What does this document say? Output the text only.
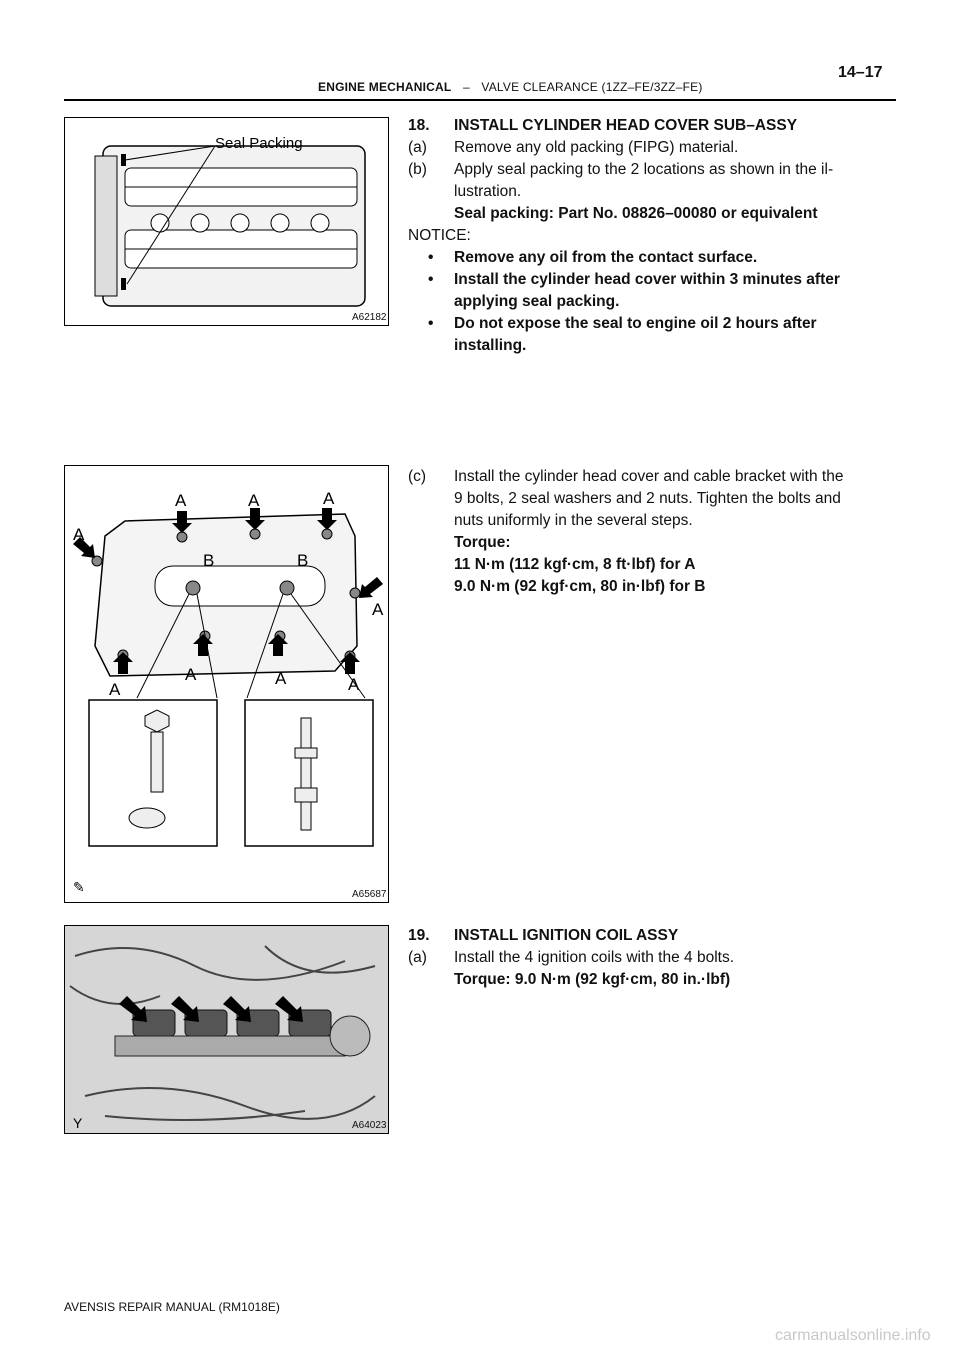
ENGINE MECHANICAL – VALVE CLEARANCE (1ZZ–FE/3ZZ–FE)
14–17
Seal Packing
A62182
A	A	A
A
A
A
A	A	A
B	B
✎	A65687
Y	A64023
18. INSTALL CYLINDER HEAD COVER SUB–ASSY
(a) Remove any old packing (FIPG) material.
(b) Apply seal packing to the 2 locations as shown in the il-
lustration.
Seal packing: Part No. 08826–00080 or equivalent
NOTICE:
• Remove any oil from the contact surface.
• Install the cylinder head cover within 3 minutes after
applying seal packing.
• Do not expose the seal to engine oil 2 hours after
installing.
(c) Install the cylinder head cover and cable bracket with the
9 bolts, 2 seal washers and 2 nuts. Tighten the bolts and
nuts uniformly in the several steps.
Torque:
11 N·m (112 kgf·cm, 8 ft·lbf) for A
9.0 N·m (92 kgf·cm, 80 in·lbf) for B
19. INSTALL IGNITION COIL ASSY
(a) Install the 4 ignition coils with the 4 bolts.
Torque: 9.0 N·m (92 kgf·cm, 80 in.·lbf)
AVENSIS REPAIR MANUAL (RM1018E)
carmanualsonline.info
